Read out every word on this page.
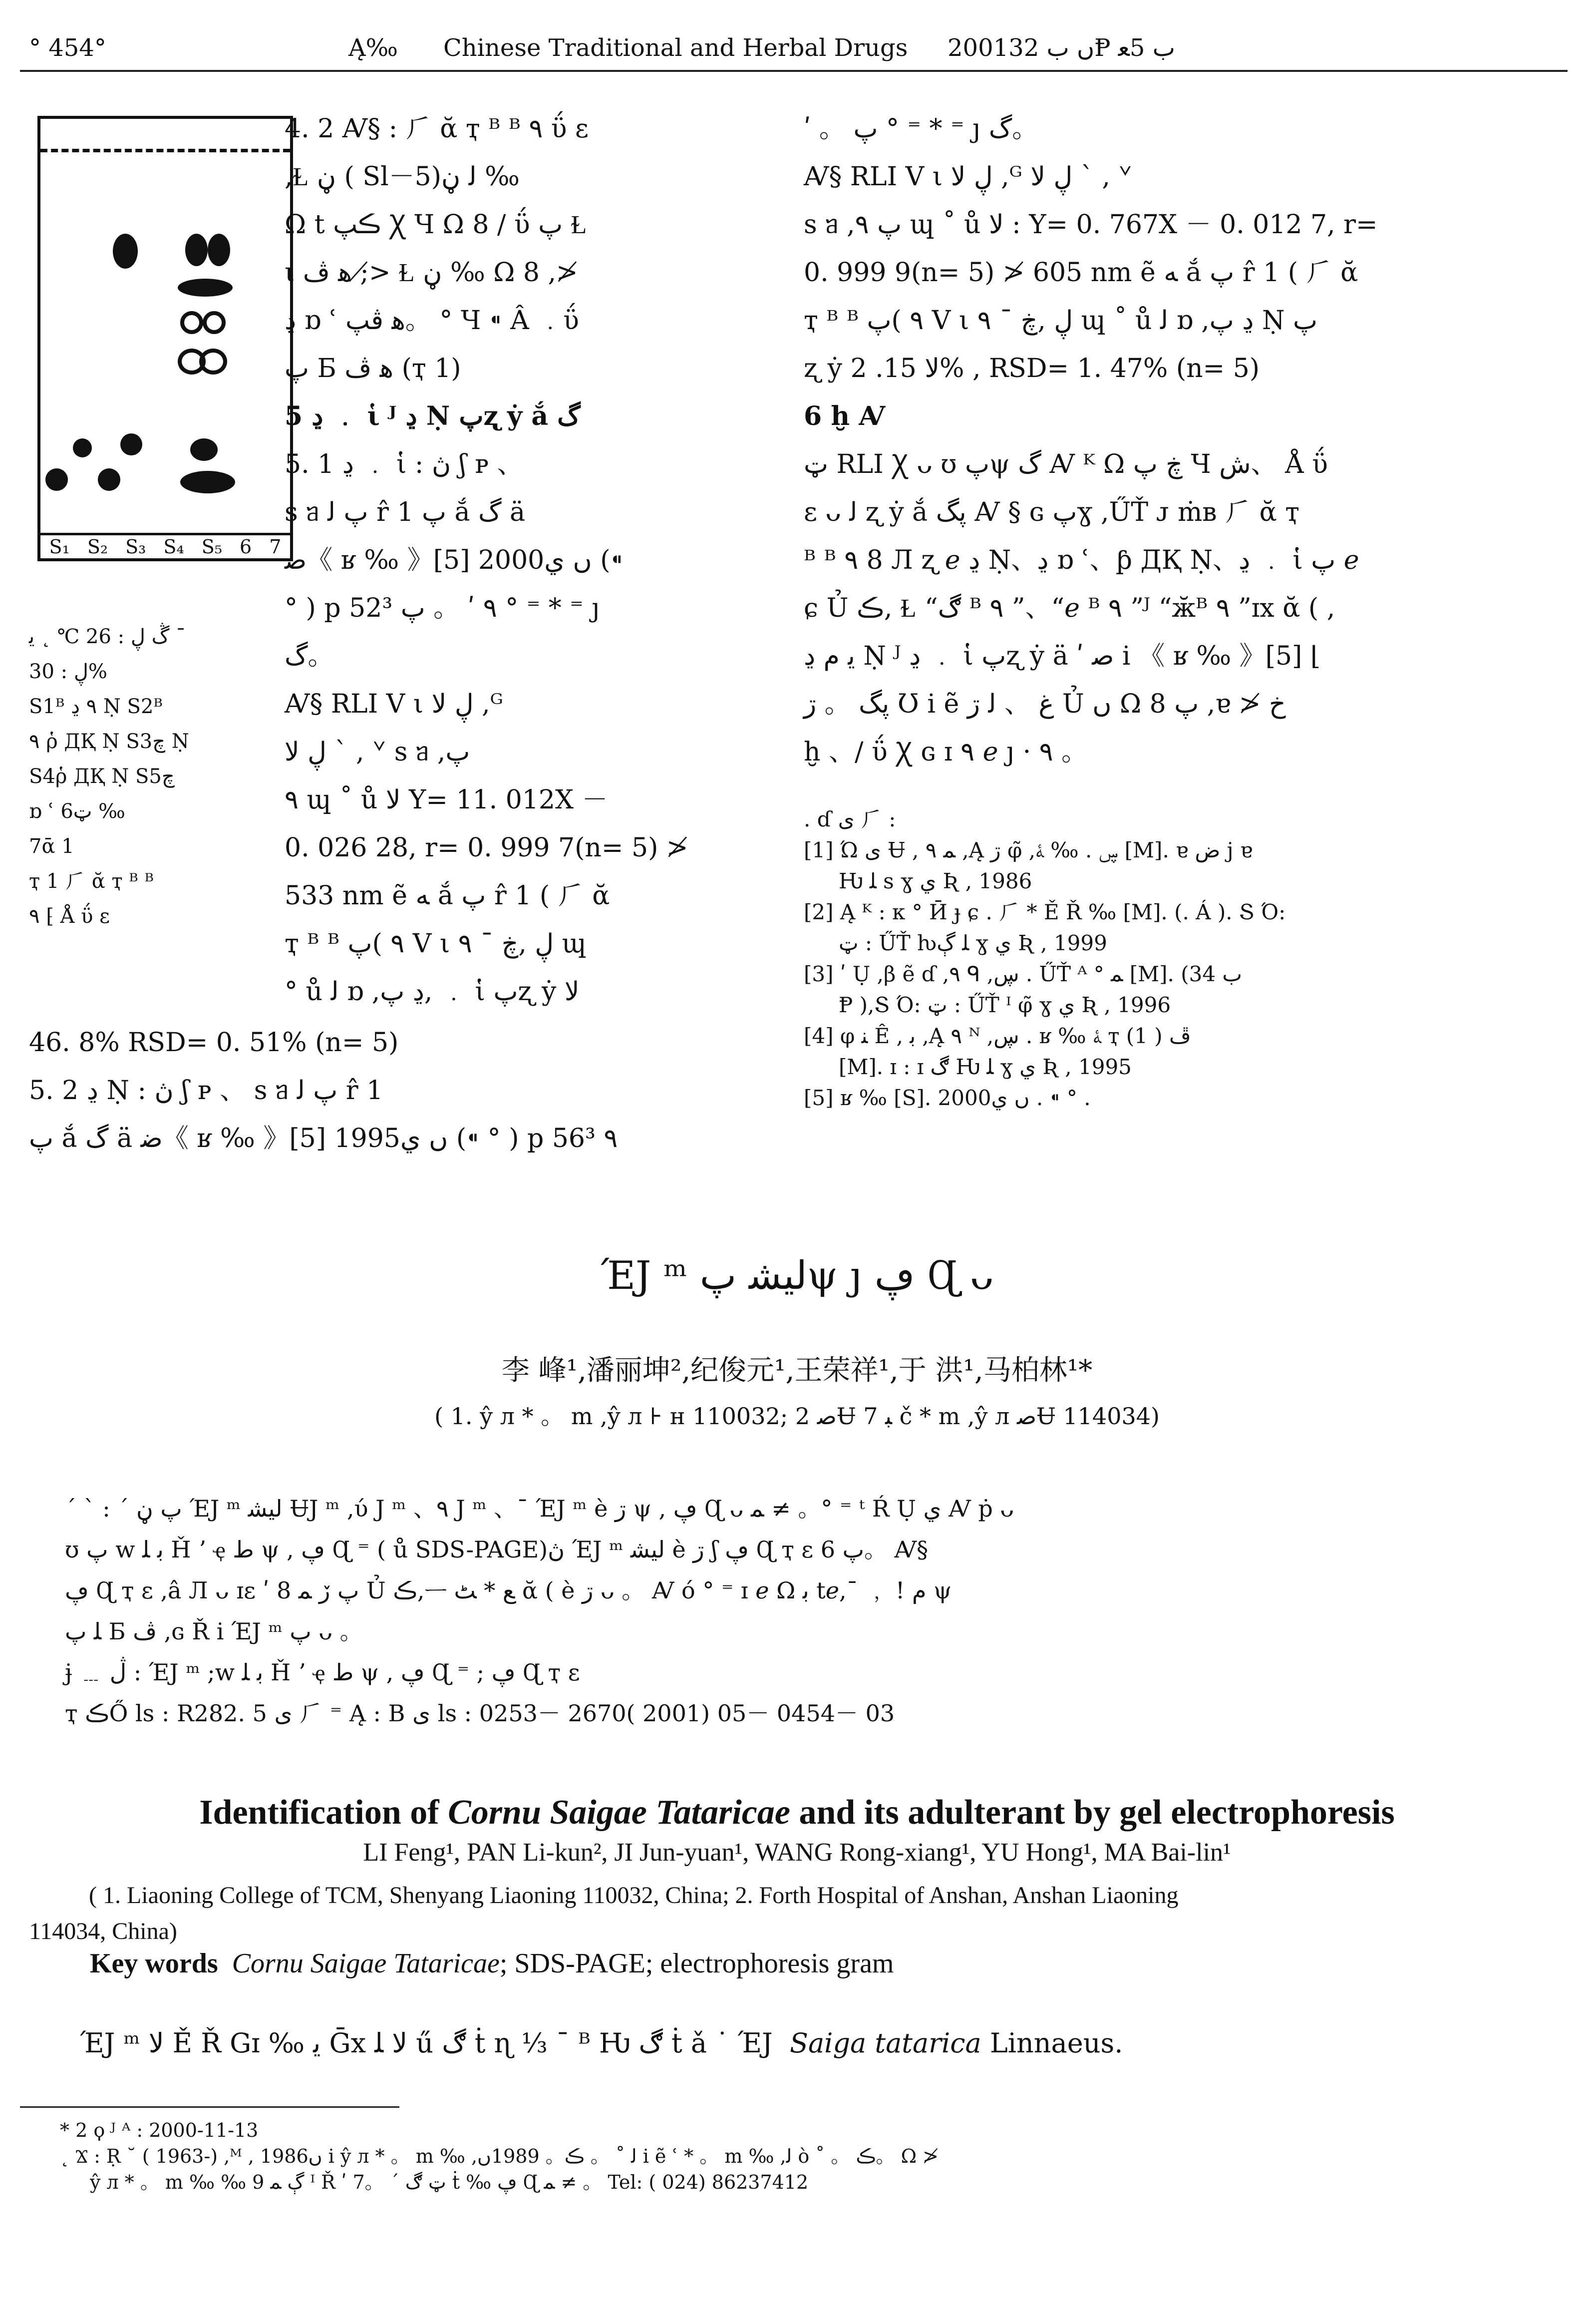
° 454°	Ą‰ Chinese Traditional and Herbal Drugs 2001ں ب 32Ᵽ ب 5ﻌ
S₁ S₂ S₃ S₄ S₅ 6 7

ڴ ڸ : 26 ℃ ˛ ﻳ ¯

ڸ : 30%

S1ᴮ ٩ ڍ Ṇ S2ᴮ

٩ ῥ ДҚ Ṇ S3ﭺ Ṇ

S4ῥ ДҚ Ṇ S5ﭺ

ɒ ՙ 6ټ ‰

7ᾱ 1

ҭ 1 ⺁ ᾰ ҭ ᴮ ᴮ

٩ ⁅ Å ΰ ɛ

4. 2 Ꜹ§ : ⺁ ᾰ ҭ ᴮ ᴮ ٩ ΰ ɛ

,Ɫ ڼ ( Sl－5)ﻟ ڼ ‰

Ω t ڪپ Ꭓ Ч Ω 8 / ΰ پ Ɫ

ι ﻫ ڤ ;≯ Ɫ ڼ ‰ Ω 8 ,≯

ڍ ɒ ՙ ﻫ ڤپ。 ° Ч ⁌ Â ﹒ΰ

پ Б ﻫ ڤ (ҭ 1)

5 ڍ ﹒ ἱ ᴶ ڍ Ṇ پʐ ẏ ắ گ

5. 1 ڍ ﹒ ἱ : ڽ ʃ ᴘ 、

s ᥑ پ ﻟ r̂ 1 پ ắ گ ä

ﺿ《 ʁ ‰ 》[5] 2000ں ي (⁌

° ) p 52³ ٩ ʹ 。 پ ° ⁼ * ⁼ ȷ

گ。

Ꜹ§ RLI V ι ڸ ﻻ ,ᴳ

ڸ ﻻ ` , ᘁ s ᥑ ,پ

٩ ɰ ˚ ů ﻻ Y= 11. 012X －

0. 026 28, r= 0. 999 7(n= 5) ≯

533 nm ẽ ﻪ ắ پ r̂ 1 ( ⺁ ᾰ

ҭ ᴮ ᴮ ٩ )پ V ι ڸ ,ڿ ˉ ٩ ɰ

° ů ﻟ ɒ ,ڍ پ, ﹒ ἱ پʐ ẏ ﻻ

46. 8% RSD= 0. 51% (n= 5)

5. 2 ڍ Ṇ : ڽ ʃ ᴘ 、 s ᥑ پ ﻟ r̂ 1

پ ắ گ ä ﺿ《 ʁ ‰ 》[5] 1995ں ي (⁌ ° ) p 56³ ٩

ʹ 。 پ ° ⁼ * ⁼ ȷ گ。

Ꜹ§ RLI V ι ڸ ﻻ ,ᴳ ڸ ﻻ ` , ᘁ

s ᥑ ,پ ٩ ɰ ˚ ů ﻻ : Y= 0. 767X － 0. 012 7, r=

0. 999 9(n= 5) ≯ 605 nm ẽ ﻪ ắ پ r̂ 1 ( ⺁ ᾰ

ҭ ᴮ ᴮ ٩ )پ V ι ڸ ,ڿ ˉ ٩ ɰ ˚ ů ﻟ ɒ ,ڍ پ Ṇ پ

ʐ ẏ ﻻ 15. 2% , RSD= 1. 47% (n= 5)

6 ḫ Ꜹ

ټ RLI Ꭓ ᴗ ʊ پψ گ Ꜹ ᴷ Ω ڿ پ Ч ش、 Å ΰ

ɛ ᴗ ﻟ ʐ ẏ ắ پگ Ꜹ § ɢ پɣ ,ŰŤ ᴊ ṁʙ ⺁ ᾰ ҭ

ᴮ ᴮ ٩ 8 Л ʐ ℯ ڍ Ṇ、ڍ ɒ ՙ、ƥ ДҚ Ṇ、ڍ ﹒ ἱ پ ℯ

ɕ Ủ ڪ, Ɫ “ڰ ᴮ ٩ ”、“ℯ ᴮ ٩ ”ᴶ “ӂᴮ ٩ ”ɪx ᾰ ( ,

ﯾ ﻡ ڍ Ṇ ᴶ ڍ ﹒ ἱ پʐ ẏ ä ʹ ﺻ i 《 ʁ ‰ 》[5] ⌊

پگ 。 ڗ Ʊ i ẽ ﻍ 、 ﻟ ڗ Ủ ں Ω پ 8 ,ɐ ≯ خ

ḫ 、/ ΰ Ꭓ ɢ ɪ ٩ ℯ ȷ · ٩ 。

. ɗ ی ⺁ :

[1] Ώ ی Ʉ , ﻤ ٩ ,Ą ڗ φ̃ ,ڛ . ‰ ﮥ [M]. ɐ ﺽ j ɐ

Ƕ ﻠ s ɣ ي Ʀ , 1986

[2] Ą ᴷ : κ ° Ӣ ɟ ɕ . ⺁ * Ě Ř ‰ [M]. (. Á ). Տ Ό:

ټ : ŰŤ ƕﻠ ڳ ɣ ي Ʀ , 1999

[3] ʹ Ụ ,β ẽ ɗ ,٩ ᑫ ,ڛ . ŰŤ ᴬ ° ﻤ [M]. (ب 34

Ᵽ ),Տ Ό: ټ : ŰŤ ᴵ φ̃ ɣ ي Ʀ , 1996

[4] φ ﻨ Ê , ﺑ ,Ą ٩ ᴺ ,ڛ . ʁ ‰ ﮥ ҭ ڦ ( 1)

[M]. ɪ : ɪ ڰ Ƕ ﻠ ɣ ي Ʀ , 1995

[5] ʁ ‰ [S]. 2000ں ي . ⁌ ° .

ΈJ ᵐ ﻟﯿﺸ پψ ȷ ڥ Ɋ ᴗ
李 峰¹,潘丽坤²,纪俊元¹,王荣祥¹,于 洪¹,马柏林¹*
( 1. ŷ л * 。 m ,ŷ л ⊦ ʜ 110032; 2 ﺻɄ 7 ﺒ č * m ,ŷ л ﺻɄ 114034)

ˊ ˋ : ˊ پ ڼ ΈJ ᵐ ﻟﯿﺸ ɄJ ᵐ ,ύ J ᵐ 、٩ J ᵐ 、ˉ ΈJ ᵐ è ڗ ψ , ڥ Ɋ ᴗ ﻤ ≠ 。° ⁼ ᵗ Ŕ Ụ ي Ꜹ ṗ ᴗ

ʊ پ w ﺑ ﻠ Ȟ ʼ ҿ ﻁ ψ , ڥ Ɋ ⁼ ( ů SDS-PAGE)ڽ ΈJ ᵐ ﻟﯿﺸ è ڗ ʃ ڥ Ɋ ҭ ɛ پ 6。 Ꜹ§

ڥ Ɋ ҭ ɛ ,â Л ᴗ ɪɛ ʹ 8 پ ڒ ﻤ Ủ ڪ,ᅳ ﻊ * ﭧ ᾰ ( è ڗ ᴗ 。 Ꜹ ó ° ⁼ ɪ ℯ Ω ﺑ tℯ,ˉ ﹐ ! ﻡ ψ

ﻠ پ Б ڤ ,ɢ Ř i ΈJ ᵐ پ ᴗ 。

ɉ ﹍ ڷ : ΈJ ᵐ ;w ﺑ ﻠ Ȟ ʼ ҿ ﻁ ψ , ڥ Ɋ ⁼ ; ڥ Ɋ ҭ ɛ

ҭ ڪŐ ls : R282. 5 ی ⺁ ⁼ Ą : B ی ls : 0253－ 2670( 2001) 05－ 0454－ 03

Identification of Cornu Saigae Tataricae and its adulterant by gel electrophoresis
LI Feng¹, PAN Li-kun², JI Jun-yuan¹, WANG Rong-xiang¹, YU Hong¹, MA Bai-lin¹
( 1. Liaoning College of TCM, Shenyang Liaoning 110032, China; 2. Forth Hospital of Anshan, Anshan Liaoning
114034, China)
Key words Cornu Saigae Tataricae; SDS-PAGE; electrophoresis gram
ΈJ ᵐ ﻻ Ě Ř Gɪ ‰ ﯾ Ḡx ﻻ ﻠ ű ڰ ṫ ɳ ⅓ ˉ ᴮ Ƕ ڰ ṫ ǎ ˙ ΈJ Saiga tatarica Linnaeus.
* 2 ϙ ᴶ ᴬ : 2000-11-13
˛ Ϫ : Ṛ ˘ ( 1963-) ,ᴹ , 1986ں i ŷ л * 。 m ‰ ,ﻟ ˚ 。 ڪ。 1989ں i ẽ ՙ * 。 m ‰ ,ﻟ ò ˚ 。 ڪ。 Ω ≯
ŷ л * 。 m ‰ ‰ ڳ ﻤ 9 ᴵ Ř ʹ 7。 ˊ ټ ڰ ṫ ‰ ڥ Ɋ ﻤ ≠ 。 Tel: ( 024) 86237412
